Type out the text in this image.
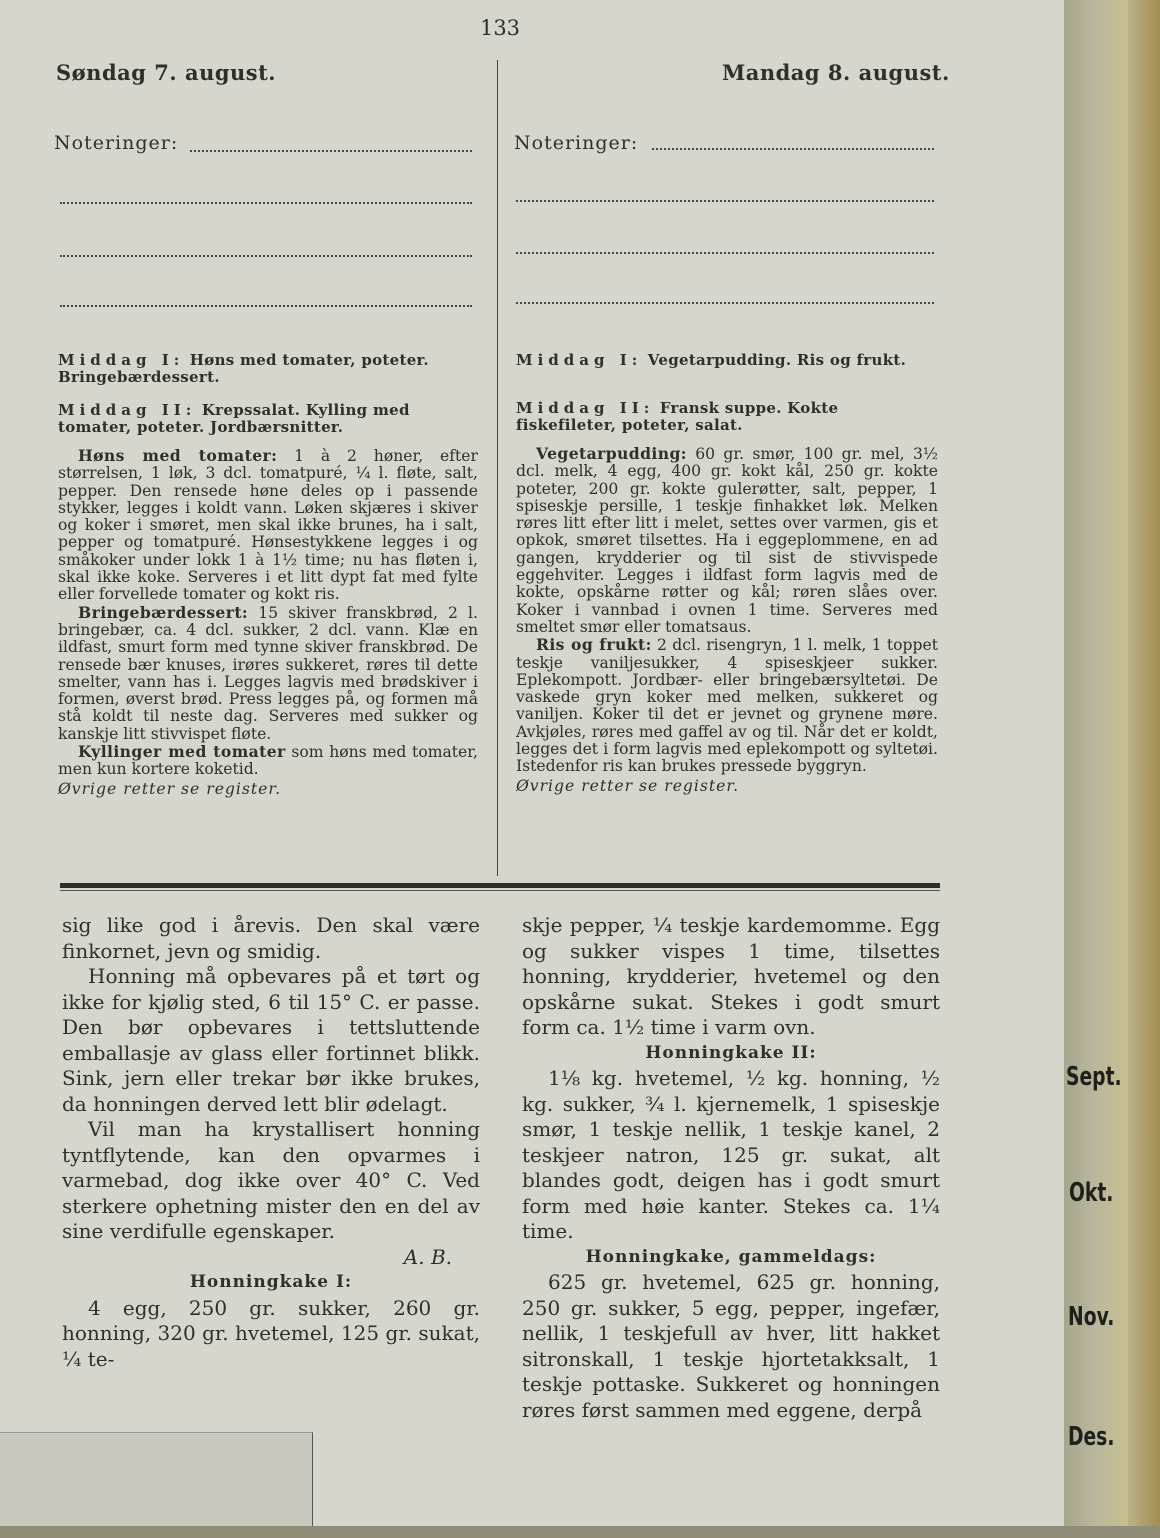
133
Søndag 7. august.	Mandag 8. august.
Noteringer:	Noteringer:
Middag I: Høns med tomater, poteter. Bringebærdessert.
Middag II: Krepssalat. Kylling med tomater, poteter. Jordbærsnitter.
Høns med tomater: 1 à 2 høner, efter størrelsen, 1 løk, 3 dcl. tomatpuré, ¼ l. fløte, salt, pepper. Den rensede høne deles op i passende stykker, legges i koldt vann. Løken skjæres i skiver og koker i smøret, men skal ikke brunes, ha i salt, pepper og tomatpuré. Hønsestykkene legges i og småkoker under lokk 1 à 1½ time; nu has fløten i, skal ikke koke. Serveres i et litt dypt fat med fylte eller forvellede tomater og kokt ris.
Bringebærdessert: 15 skiver franskbrød, 2 l. bringebær, ca. 4 dcl. sukker, 2 dcl. vann. Klæ en ildfast, smurt form med tynne skiver franskbrød. De rensede bær knuses, irøres sukkeret, røres til dette smelter, vann has i. Legges lagvis med brødskiver i formen, øverst brød. Press legges på, og formen må stå koldt til neste dag. Serveres med sukker og kanskje litt stivvispet fløte.
Kyllinger med tomater som høns med tomater, men kun kortere koketid.
Øvrige retter se register.
Middag I: Vegetarpudding. Ris og frukt.
Middag II: Fransk suppe. Kokte fiskefileter, poteter, salat.
Vegetarpudding: 60 gr. smør, 100 gr. mel, 3½ dcl. melk, 4 egg, 400 gr. kokt kål, 250 gr. kokte poteter, 200 gr. kokte gulerøtter, salt, pepper, 1 spiseskje persille, 1 teskje finhakket løk. Melken røres litt efter litt i melet, settes over varmen, gis et opkok, smøret tilsettes. Ha i eggeplommene, en ad gangen, krydderier og til sist de stivvispede eggehviter. Legges i ildfast form lagvis med de kokte, opskårne røtter og kål; røren slåes over. Koker i vannbad i ovnen 1 time. Serveres med smeltet smør eller tomatsaus.
Ris og frukt: 2 dcl. risengryn, 1 l. melk, 1 toppet teskje vaniljesukker, 4 spiseskjeer sukker. Eplekompott. Jordbær- eller bringebærsyltetøi. De vaskede gryn koker med melken, sukkeret og vaniljen. Koker til det er jevnet og grynene møre. Avkjøles, røres med gaffel av og til. Når det er koldt, legges det i form lagvis med eplekompott og syltetøi. Istedenfor ris kan brukes pressede byggryn.
Øvrige retter se register.

sig like god i årevis. Den skal være finkornet, jevn og smidig.

Honning må opbevares på et tørt og ikke for kjølig sted, 6 til 15° C. er passe. Den bør opbevares i tettsluttende emballasje av glass eller fortinnet blikk. Sink, jern eller trekar bør ikke brukes, da honningen derved lett blir ødelagt.

Vil man ha krystallisert honning tyntflytende, kan den opvarmes i varmebad, dog ikke over 40° C. Ved sterkere ophetning mister den en del av sine verdifulle egenskaper.

A. B.

Honningkake I:

4 egg, 250 gr. sukker, 260 gr. honning, 320 gr. hvetemel, 125 gr. sukat, ¼ te-

skje pepper, ¼ teskje kardemomme. Egg og sukker vispes 1 time, tilsettes honning, krydderier, hvetemel og den opskårne sukat. Stekes i godt smurt form ca. 1½ time i varm ovn.

Honningkake II:

1⅛ kg. hvetemel, ½ kg. honning, ½ kg. sukker, ¾ l. kjernemelk, 1 spiseskje smør, 1 teskje nellik, 1 teskje kanel, 2 teskjeer natron, 125 gr. sukat, alt blandes godt, deigen has i godt smurt form med høie kanter. Stekes ca. 1¼ time.

Honningkake, gammeldags:

625 gr. hvetemel, 625 gr. honning, 250 gr. sukker, 5 egg, pepper, ingefær, nellik, 1 teskjefull av hver, litt hakket sitronskall, 1 teskje hjortetakksalt, 1 teskje pottaske. Sukkeret og honningen røres først sammen med eggene, derpå

Sept.
Okt.
Nov.
Des.
